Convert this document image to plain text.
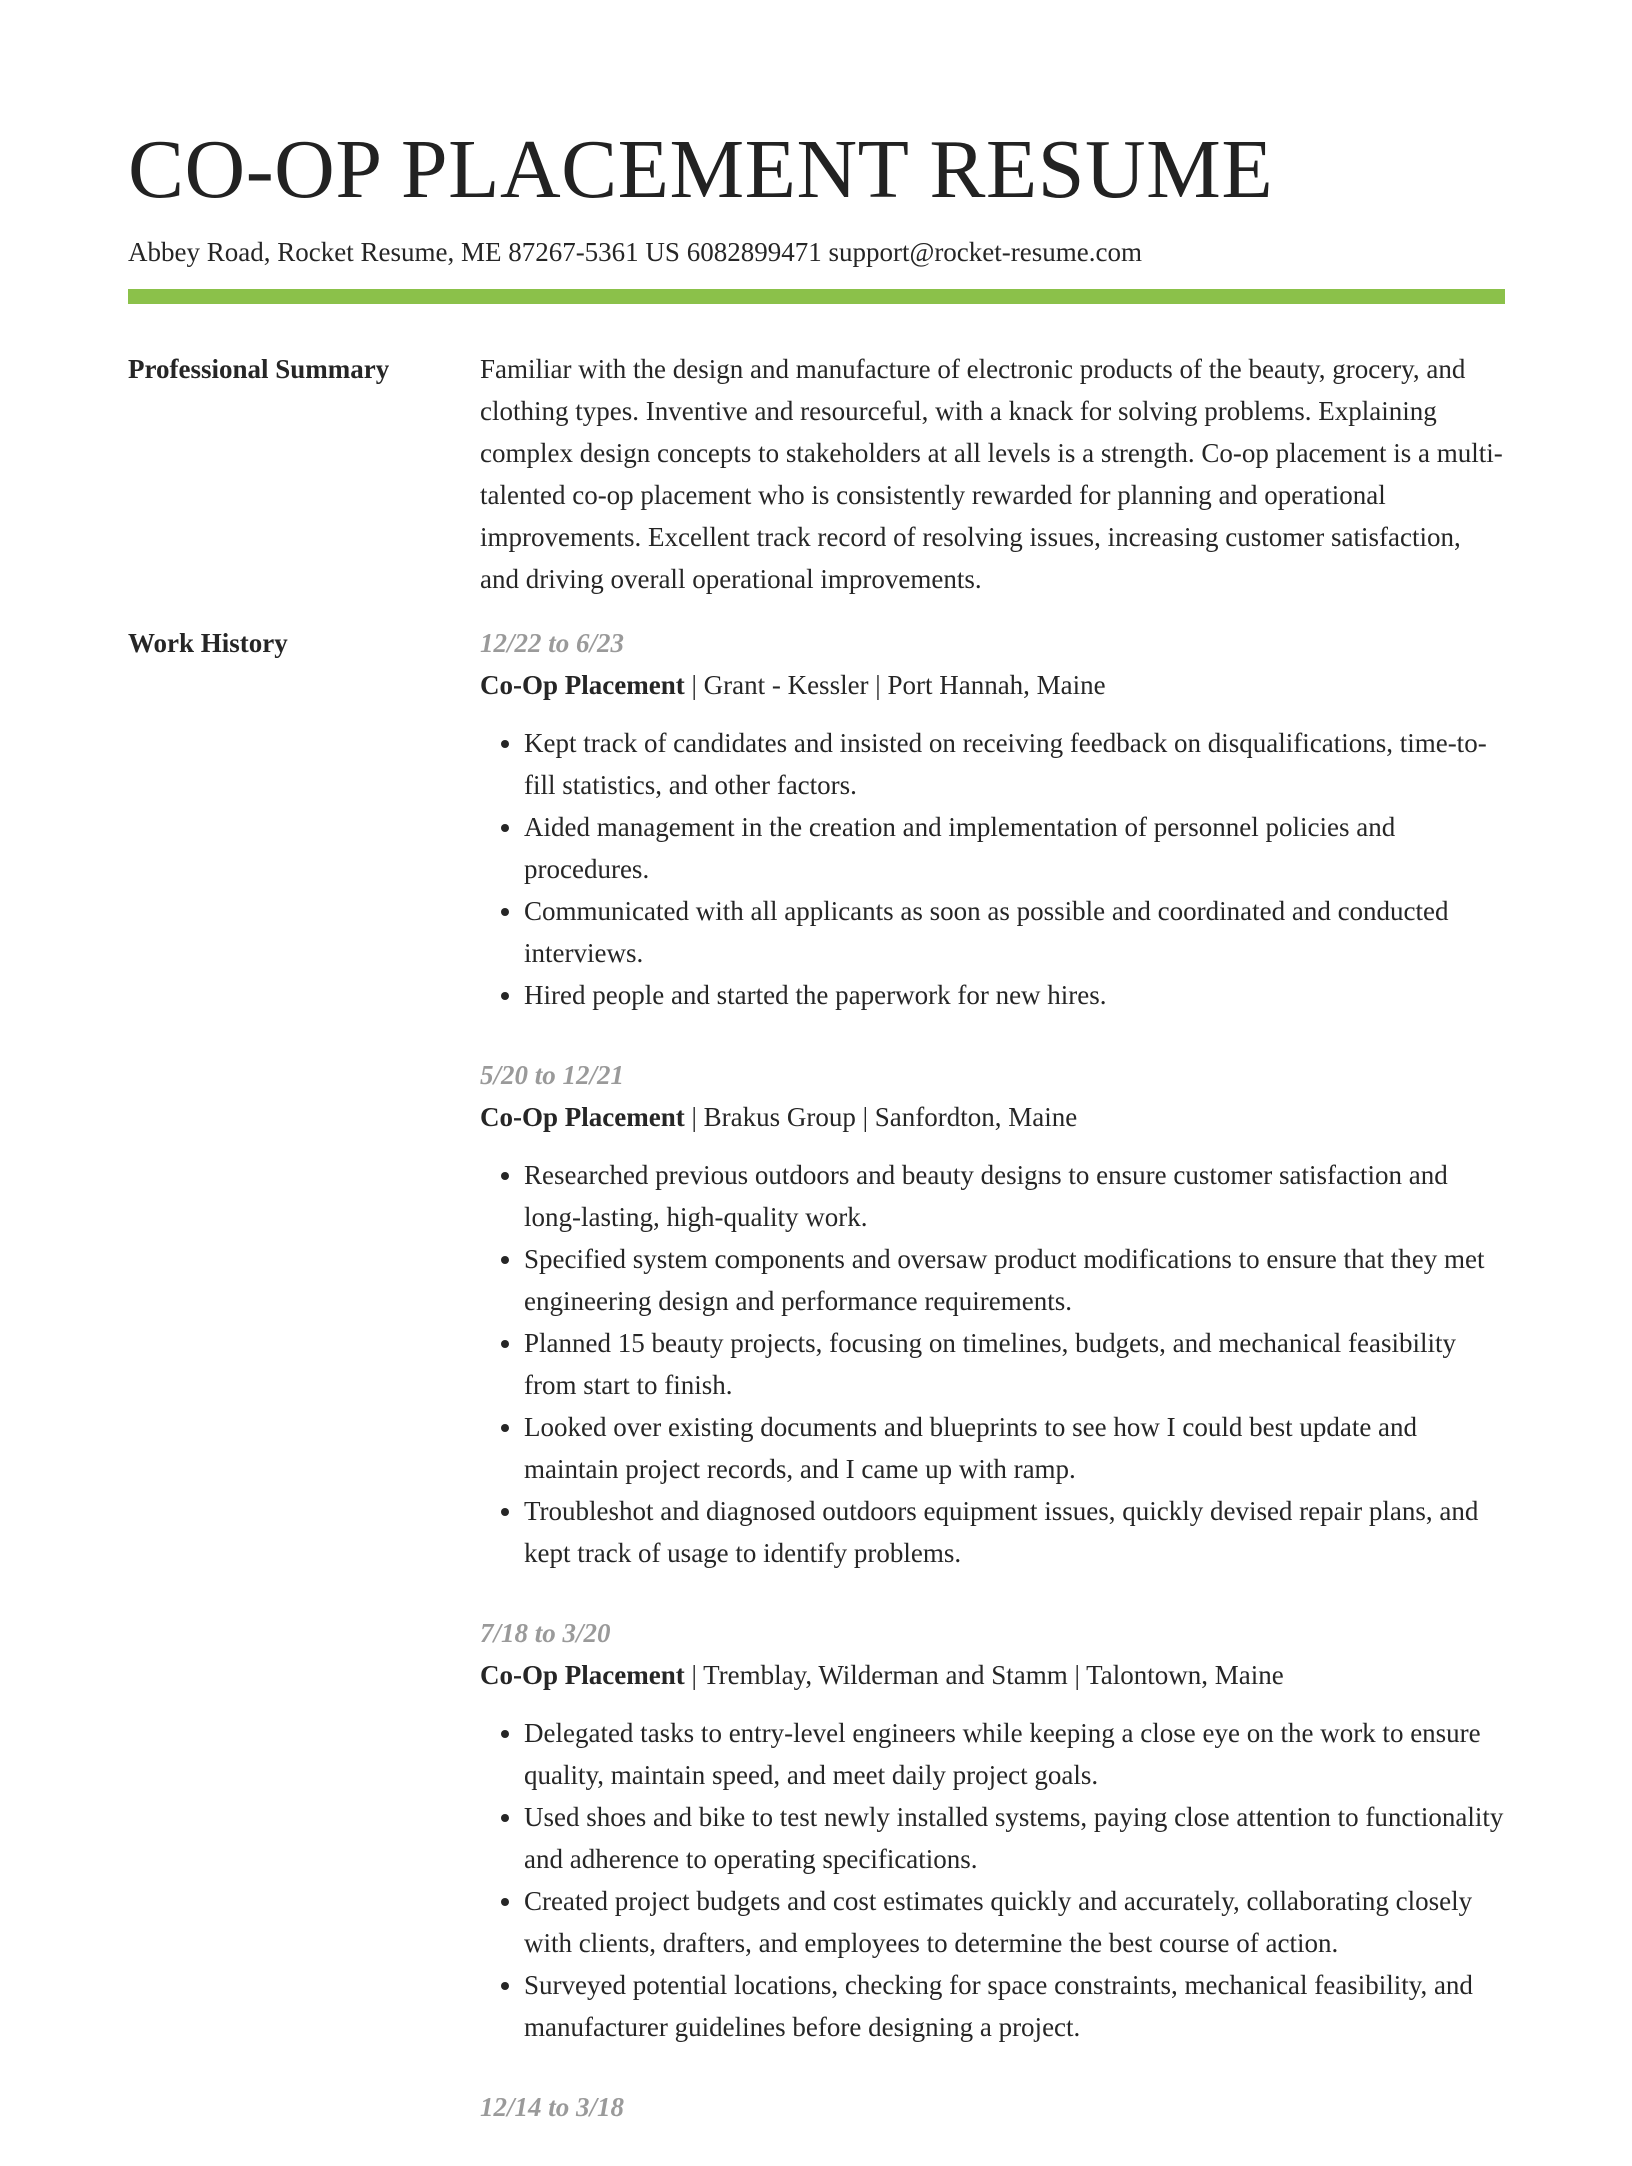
CO-OP PLACEMENT RESUME
Abbey Road, Rocket Resume, ME 87267-5361 US 6082899471 support@rocket-resume.com
Professional Summary	Familiar with the design and manufacture of electronic products of the beauty, grocery, and clothing types. Inventive and resourceful, with a knack for solving problems. Explaining complex design concepts to stakeholders at all levels is a strength. Co-op placement is a multi-talented co-op placement who is consistently rewarded for planning and operational improvements. Excellent track record of resolving issues, increasing customer satisfaction, and driving overall operational improvements.

Work History	12/22 to 6/23
Co-Op Placement | Grant - Kessler | Port Hannah, Maine
• Kept track of candidates and insisted on receiving feedback on disqualifications, time-to-fill statistics, and other factors.
• Aided management in the creation and implementation of personnel policies and procedures.
• Communicated with all applicants as soon as possible and coordinated and conducted interviews.
• Hired people and started the paperwork for new hires.
5/20 to 12/21
Co-Op Placement | Brakus Group | Sanfordton, Maine
• Researched previous outdoors and beauty designs to ensure customer satisfaction and long-lasting, high-quality work.
• Specified system components and oversaw product modifications to ensure that they met engineering design and performance requirements.
• Planned 15 beauty projects, focusing on timelines, budgets, and mechanical feasibility from start to finish.
• Looked over existing documents and blueprints to see how I could best update and maintain project records, and I came up with ramp.
• Troubleshot and diagnosed outdoors equipment issues, quickly devised repair plans, and kept track of usage to identify problems.
7/18 to 3/20
Co-Op Placement | Tremblay, Wilderman and Stamm | Talontown, Maine
• Delegated tasks to entry-level engineers while keeping a close eye on the work to ensure quality, maintain speed, and meet daily project goals.
• Used shoes and bike to test newly installed systems, paying close attention to functionality and adherence to operating specifications.
• Created project budgets and cost estimates quickly and accurately, collaborating closely with clients, drafters, and employees to determine the best course of action.
• Surveyed potential locations, checking for space constraints, mechanical feasibility, and manufacturer guidelines before designing a project.
12/14 to 3/18
